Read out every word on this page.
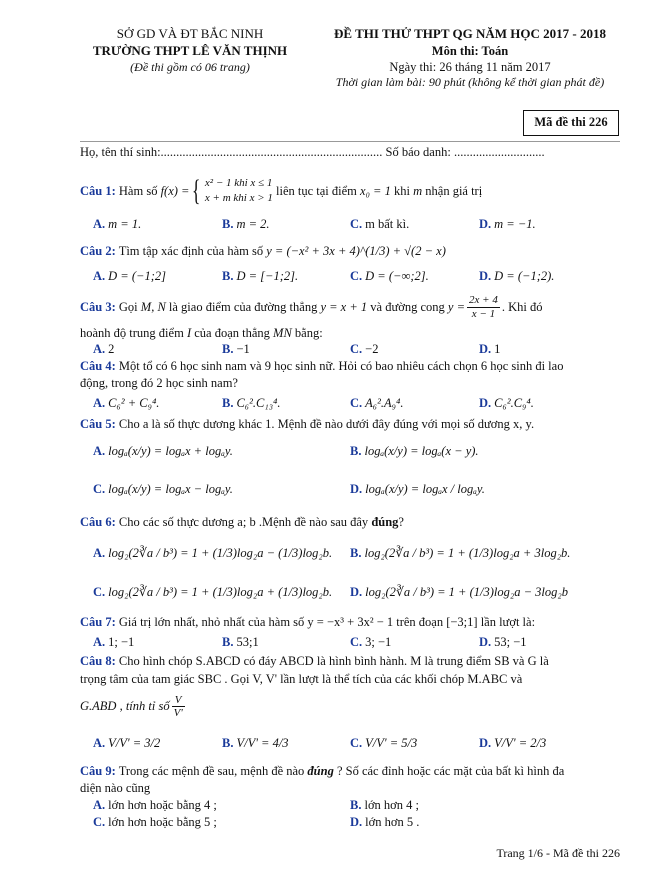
SỞ GD VÀ ĐT BẮC NINH
TRƯỜNG THPT LÊ VĂN THỊNH
(Đề thi gồm có 06 trang)
ĐỀ THI THỬ THPT QG NĂM HỌC 2017 - 2018
Môn thi: Toán
Ngày thi: 26 tháng 11 năm 2017
Thời gian làm bài: 90 phút (không kể thời gian phát đề)
Mã đề thi 226
Họ, tên thí sinh:....................................................................... Số báo danh: .............................
Câu 1:
Hàm số
f(x) = { x² − 1 khi x ≤ 1
x + m khi x > 1

liên tục tại điểm
x₀ = 1
khi
m
nhận giá trị
A. m = 1.	B. m = 2.	C. m bất kì.	D. m = −1.
Câu 2: Tìm tập xác định của hàm số y = (−x² + 3x + 4)^(1/3) + √(2 − x)
A. D = (−1;2]	B. D = [−1;2].	C. D = (−∞;2].	D. D = (−1;2).
Câu 3:
Gọi
M, N
là giao điểm của đường thẳng
y = x + 1
và đường cong
$y = \frac{2x + 4}{x - 1}$ . Khi đó
hoành độ trung điểm I của đoạn thẳng MN bằng:
A. 2	B. −1	C. −2	D. 1
Câu 4: Một tổ có 6 học sinh nam và 9 học sinh nữ. Hỏi có bao nhiêu cách chọn 6 học sinh đi lao
động, trong đó 2 học sinh nam?
A. C₆² + C₉⁴.	B. C₆².C₁₃⁴.	C. A₆².A₉⁴.	D. C₆².C₉⁴.
Câu 5: Cho a là số thực dương khác 1. Mệnh đề nào dưới đây đúng với mọi số dương x, y.
A. logₐ(x/y) = logₐx + logₐy.	B. logₐ(x/y) = logₐ(x − y).
C. logₐ(x/y) = logₐx − logₐy.	D. logₐ(x/y) = logₐx / logₐy.
Câu 6: Cho các số thực dương a; b .Mệnh đề nào sau đây đúng?
A. log₂(2∛a / b³) = 1 + (1/3)log₂a − (1/3)log₂b. B. log₂(2∛a / b³) = 1 + (1/3)log₂a + 3log₂b.
C. log₂(2∛a / b³) = 1 + (1/3)log₂a + (1/3)log₂b. D. log₂(2∛a / b³) = 1 + (1/3)log₂a − 3log₂b
Câu 7: Giá trị lớn nhất, nhỏ nhất của hàm số y = −x³ + 3x² − 1 trên đoạn [−3;1] lần lượt là:
A. 1; −1	B. 53;1	C. 3; −1	D. 53; −1
Câu 8: Cho hình chóp S.ABCD có đáy ABCD là hình bình hành. M là trung điểm SB và G là
trọng tâm của tam giác SBC . Gọi V, V' lần lượt là thể tích của các khối chóp M.ABC và
G.ABD , tính tỉ số $\frac{V}{V'}$
A. V/V' = 3/2	B. V/V' = 4/3	C. V/V' = 5/3	D. V/V' = 2/3
Câu 9: Trong các mệnh đề sau, mệnh đề nào đúng ? Số các đỉnh hoặc các mặt của bất kì hình đa
diện nào cũng
A. lớn hơn hoặc bằng 4 ;	B. lớn hơn 4 ;
C. lớn hơn hoặc bằng 5 ;	D. lớn hơn 5 .
Trang 1/6 - Mã đề thi 226
